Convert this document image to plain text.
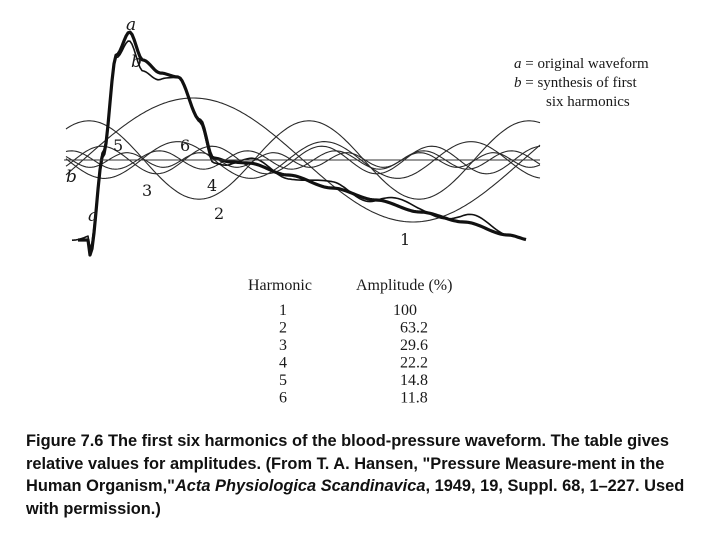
a
b
b
a
5	6
3	4
2
1
a = original waveform
b = synthesis of first
six harmonics
Harmonic	Amplitude (%)
1	100
2	63.2
3	29.6
4	22.2
5	14.8
6	11.8
Figure 7.6 The first six harmonics of the blood-pressure waveform. The table gives relative values for amplitudes. (From T. A. Hansen, "Pressure Measure-ment in the Human Organism,"Acta Physiologica Scandinavica, 1949, 19, Suppl. 68, 1–227. Used with permission.)
